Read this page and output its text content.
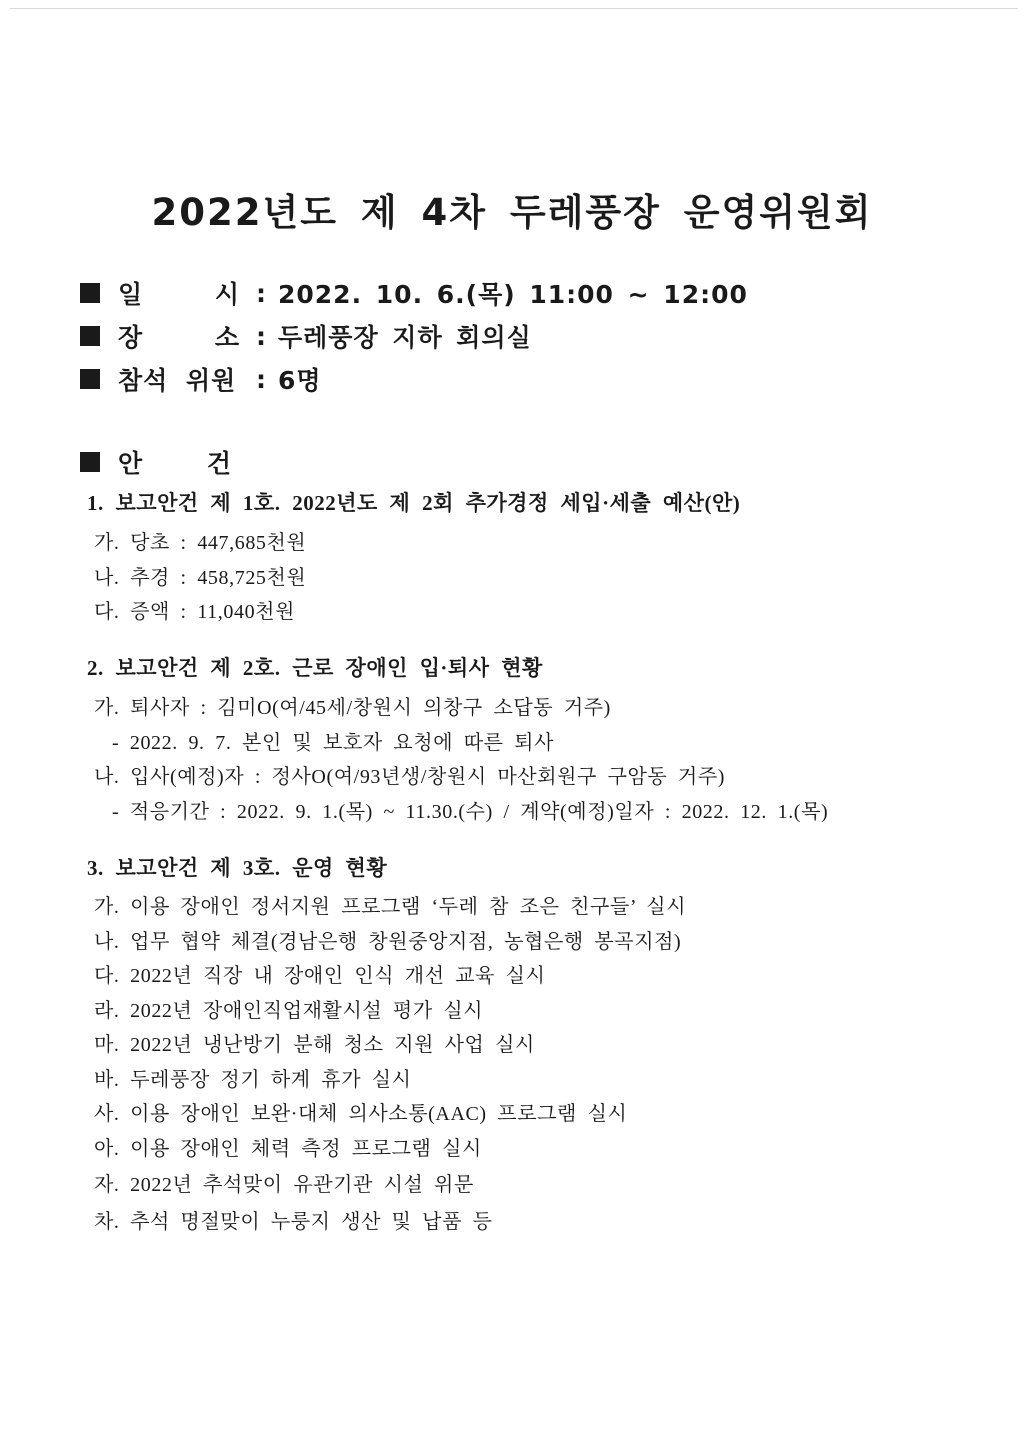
2022년도 제 4차 두레풍장 운영위원회
일 시 : 2022. 10. 6.(목) 11:00 ~ 12:00
장 소 : 두레풍장 지하 회의실
참석 위원 : 6명
안 건
1. 보고안건 제 1호. 2022년도 제 2회 추가경정 세입·세출 예산(안)
가. 당초 : 447,685천원
나. 추경 : 458,725천원
다. 증액 : 11,040천원
2. 보고안건 제 2호. 근로 장애인 입·퇴사 현황
가. 퇴사자 : 김미O(여/45세/창원시 의창구 소답동 거주)
- 2022. 9. 7. 본인 및 보호자 요청에 따른 퇴사
나. 입사(예정)자 : 정사O(여/93년생/창원시 마산회원구 구암동 거주)
- 적응기간 : 2022. 9. 1.(목) ~ 11.30.(수) / 계약(예정)일자 : 2022. 12. 1.(목)
3. 보고안건 제 3호. 운영 현황
가. 이용 장애인 정서지원 프로그램 ‘두레 참 조은 친구들’ 실시
나. 업무 협약 체결(경남은행 창원중앙지점, 농협은행 봉곡지점)
다. 2022년 직장 내 장애인 인식 개선 교육 실시
라. 2022년 장애인직업재활시설 평가 실시
마. 2022년 냉난방기 분해 청소 지원 사업 실시
바. 두레풍장 정기 하계 휴가 실시
사. 이용 장애인 보완·대체 의사소통(AAC) 프로그램 실시
아. 이용 장애인 체력 측정 프로그램 실시
자. 2022년 추석맞이 유관기관 시설 위문
차. 추석 명절맞이 누룽지 생산 및 납품 등
